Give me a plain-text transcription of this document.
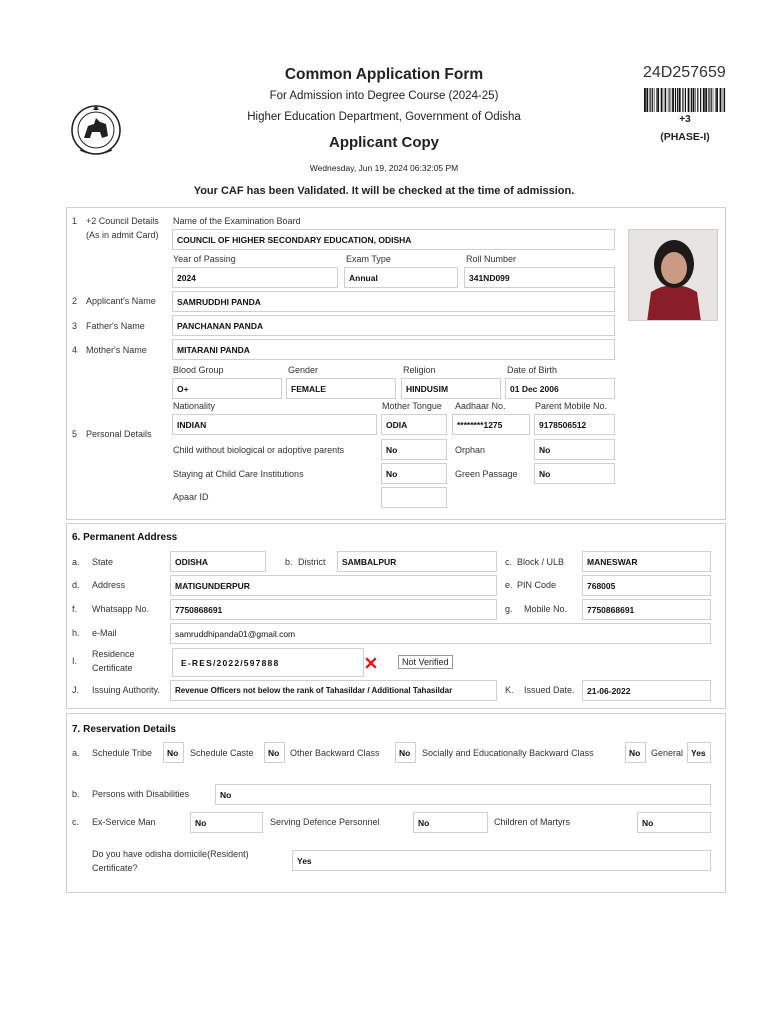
Common Application Form
For Admission into Degree Course (2024-25)
Higher Education Department, Government of Odisha
Applicant Copy
Wednesday, Jun 19, 2024 06:32:05 PM
Your CAF has been Validated. It will be checked at the time of admission.
24D257659
+3
(PHASE-I)
1 +2 Council Details
(As in admit Card)
Name of the Examination Board
COUNCIL OF HIGHER SECONDARY EDUCATION, ODISHA
Year of Passing
2024
Exam Type
Annual
Roll Number
341ND099
2 Applicant's Name	SAMRUDDHI PANDA
3 Father's Name	PANCHANAN PANDA
4 Mother's Name	MITARANI PANDA
5 Personal Details
Blood Group
O+
Gender
FEMALE
Religion
HINDUSIM
Date of Birth
01 Dec 2006
Nationality
INDIAN
Mother Tongue
ODIA
Aadhaar No.
********1275
Parent Mobile No.
9178506512
Child without biological or adoptive parents	No	Orphan	No
Staying at Child Care Institutions	No	Green Passage	No
Apaar ID
6. Permanent Address
a. State	ODISHA	b. District	SAMBALPUR	c. Block / ULB	MANESWAR
d. Address	MATIGUNDERPUR	e. PIN Code	768005
f. Whatsapp No.	7750868691	g. Mobile No.	7750868691
h. e-Mail	samruddhipanda01@gmail.com
I.
Residence
Certificate
E-RES/2022/597888	Not Verified
J. Issuing Authority.	Revenue Officers not below the rank of Tahasildar / Additional Tahasildar	K. Issued Date.	21-06-2022
7. Reservation Details
a. Schedule Tribe	No	Schedule Caste	No	Other Backward Class	No	Socially and Educationally Backward Class	No	General Yes
b. Persons with Disabilities	No
c. Ex-Service Man	No	Serving Defence Personnel	No	Children of Martyrs	No
Do you have odisha domicile(Resident)
Certificate?
Yes
